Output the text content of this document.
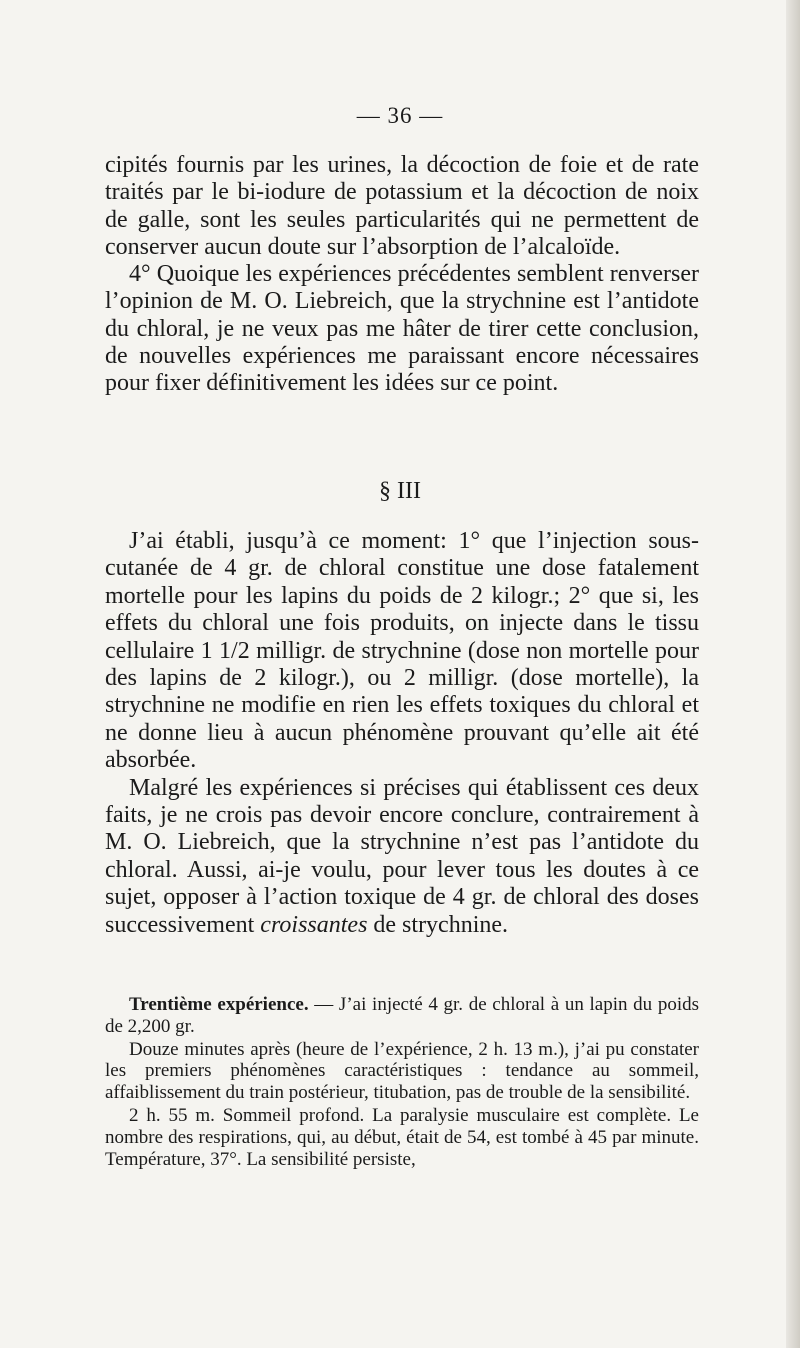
— 36 —

cipités fournis par les urines, la décoction de foie et de rate traités par le bi-iodure de potassium et la décoction de noix de galle, sont les seules particularités qui ne permettent de conserver aucun doute sur l’absorption de l’alcaloïde.

4° Quoique les expériences précédentes semblent renverser l’opinion de M. O. Liebreich, que la strychnine est l’antidote du chloral, je ne veux pas me hâter de tirer cette conclusion, de nouvelles expériences me paraissant encore nécessaires pour fixer définitivement les idées sur ce point.

§ III

J’ai établi, jusqu’à ce moment: 1° que l’injection sous-cutanée de 4 gr. de chloral constitue une dose fatalement mortelle pour les lapins du poids de 2 kilogr.; 2° que si, les effets du chloral une fois produits, on injecte dans le tissu cellulaire 1 1/2 milligr. de strychnine (dose non mortelle pour des lapins de 2 kilogr.), ou 2 milligr. (dose mortelle), la strychnine ne modifie en rien les effets toxiques du chloral et ne donne lieu à aucun phénomène prouvant qu’elle ait été absorbée.

Malgré les expériences si précises qui établissent ces deux faits, je ne crois pas devoir encore conclure, contrairement à M. O. Liebreich, que la strychnine n’est pas l’antidote du chloral. Aussi, ai-je voulu, pour lever tous les doutes à ce sujet, opposer à l’action toxique de 4 gr. de chloral des doses successivement croissantes de strychnine.

Trentième expérience. — J’ai injecté 4 gr. de chloral à un lapin du poids de 2,200 gr.

Douze minutes après (heure de l’expérience, 2 h. 13 m.), j’ai pu constater les premiers phénomènes caractéristiques : tendance au sommeil, affaiblissement du train postérieur, titubation, pas de trouble de la sensibilité.

2 h. 55 m. Sommeil profond. La paralysie musculaire est complète. Le nombre des respirations, qui, au début, était de 54, est tombé à 45 par minute. Température, 37°. La sensibilité persiste,
